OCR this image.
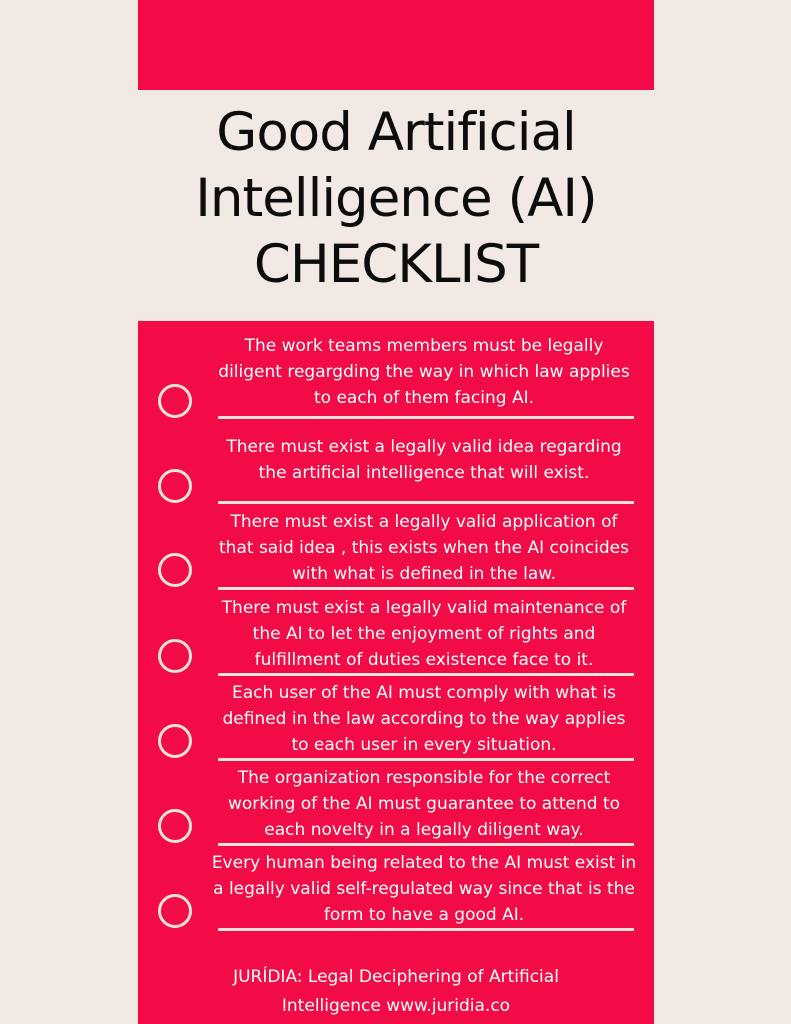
Good Artificial
Intelligence (AI)
CHECKLIST
The work teams members must be legally
diligent regargding the way in which law applies
to each of them facing AI.
There must exist a legally valid idea regarding
the artificial intelligence that will exist.
There must exist a legally valid application of
that said idea , this exists when the AI coincides
with what is defined in the law.
There must exist a legally valid maintenance of
the AI to let the enjoyment of rights and
fulfillment of duties existence face to it.
Each user of the AI must comply with what is
defined in the law according to the way applies
to each user in every situation.
The organization responsible for the correct
working of the AI must guarantee to attend to
each novelty in a legally diligent way.
Every human being related to the AI must exist in
a legally valid self-regulated way since that is the
form to have a good AI.
JURÍDIA: Legal Deciphering of Artificial
Intelligence www.juridia.co
